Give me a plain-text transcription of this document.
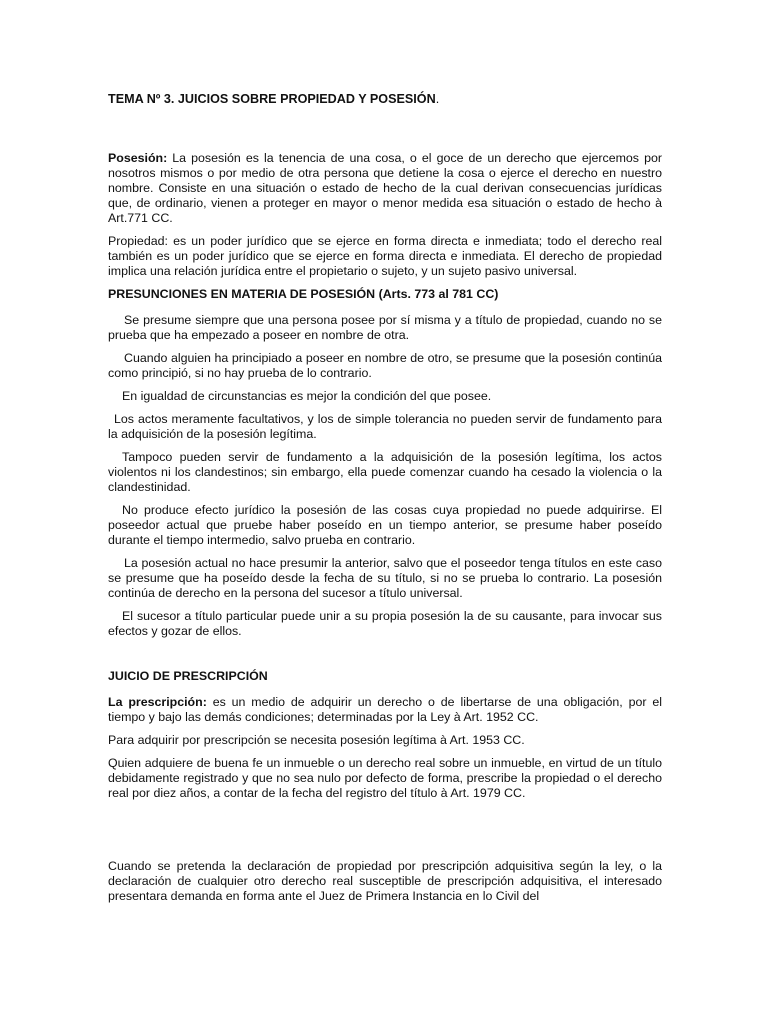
TEMA Nº 3. JUICIOS SOBRE PROPIEDAD Y POSESIÓN.

Posesión: La posesión es la tenencia de una cosa, o el goce de un derecho que ejercemos por nosotros mismos o por medio de otra persona que detiene la cosa o ejerce el derecho en nuestro nombre. Consiste en una situación o estado de hecho de la cual derivan consecuencias jurídicas que, de ordinario, vienen a proteger en mayor o menor medida esa situación o estado de hecho à Art.771 CC.

Propiedad: es un poder jurídico que se ejerce en forma directa e inmediata; todo el derecho real también es un poder jurídico que se ejerce en forma directa e inmediata. El derecho de propiedad implica una relación jurídica entre el propietario o sujeto, y un sujeto pasivo universal.

PRESUNCIONES EN MATERIA DE POSESIÓN (Arts. 773 al 781 CC)

Se presume siempre que una persona posee por sí misma y a título de propiedad, cuando no se prueba que ha empezado a poseer en nombre de otra.

Cuando alguien ha principiado a poseer en nombre de otro, se presume que la posesión continúa como principió, si no hay prueba de lo contrario.

En igualdad de circunstancias es mejor la condición del que posee.

Los actos meramente facultativos, y los de simple tolerancia no pueden servir de fundamento para la adquisición de la posesión legítima.

Tampoco pueden servir de fundamento a la adquisición de la posesión legítima, los actos violentos ni los clandestinos; sin embargo, ella puede comenzar cuando ha cesado la violencia o la clandestinidad.

No produce efecto jurídico la posesión de las cosas cuya propiedad no puede adquirirse. El poseedor actual que pruebe haber poseído en un tiempo anterior, se presume haber poseído durante el tiempo intermedio, salvo prueba en contrario.

La posesión actual no hace presumir la anterior, salvo que el poseedor tenga títulos en este caso se presume que ha poseído desde la fecha de su título, si no se prueba lo contrario. La posesión continúa de derecho en la persona del sucesor a título universal.

El sucesor a título particular puede unir a su propia posesión la de su causante, para invocar sus efectos y gozar de ellos.

JUICIO DE PRESCRIPCIÓN

La prescripción: es un medio de adquirir un derecho o de libertarse de una obligación, por el tiempo y bajo las demás condiciones; determinadas por la Ley à Art. 1952 CC.

Para adquirir por prescripción se necesita posesión legítima à Art. 1953 CC.

Quien adquiere de buena fe un inmueble o un derecho real sobre un inmueble, en virtud de un título debidamente registrado y que no sea nulo por defecto de forma, prescribe la propiedad o el derecho real por diez años, a contar de la fecha del registro del título à Art. 1979 CC.

Cuando se pretenda la declaración de propiedad por prescripción adquisitiva según la ley, o la declaración de cualquier otro derecho real susceptible de prescripción adquisitiva, el interesado presentara demanda en forma ante el Juez de Primera Instancia en lo Civil del
